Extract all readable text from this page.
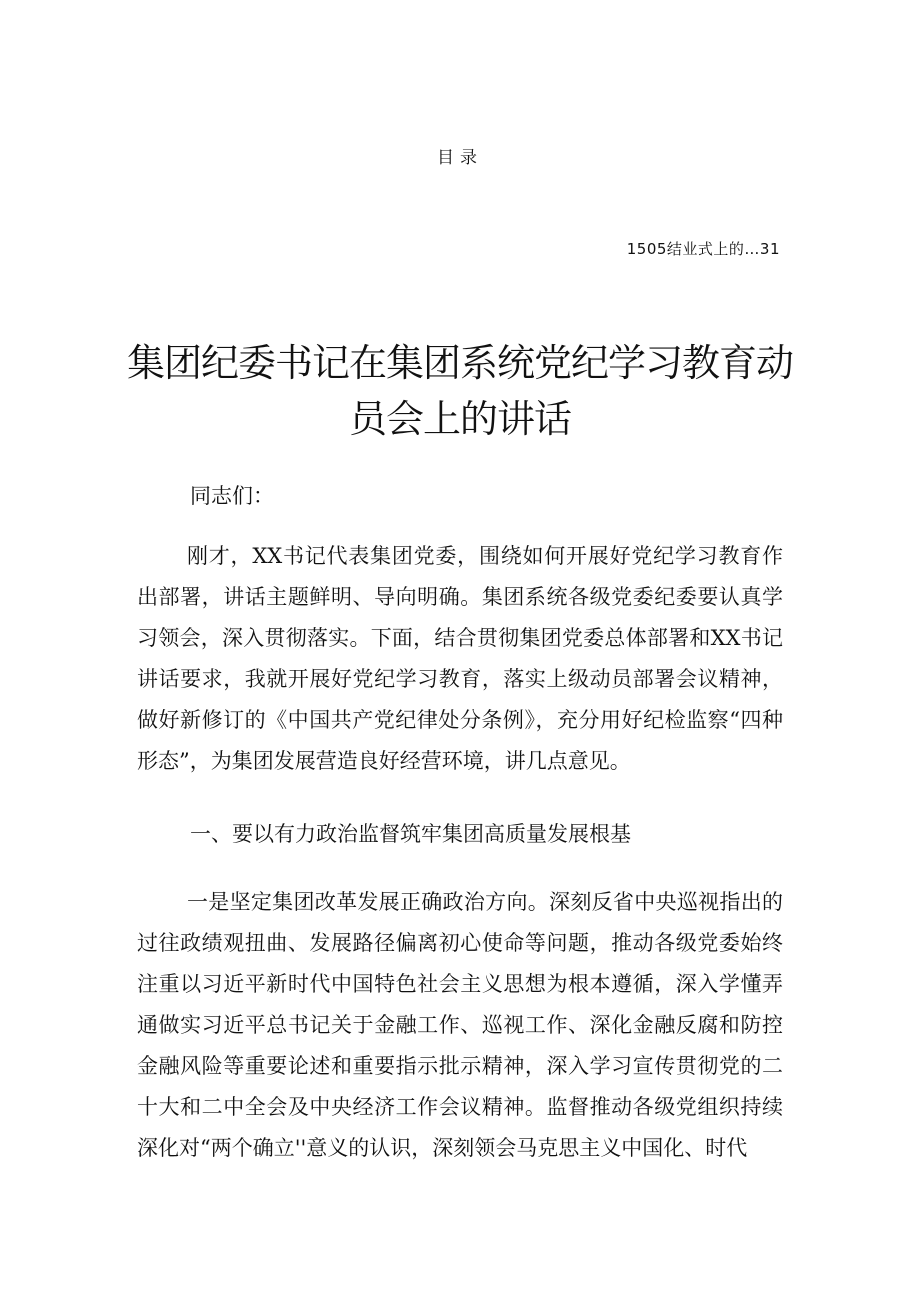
目录
1505结业式上的…31
集团纪委书记在集团系统党纪学习教育动员会上的讲话
同志们：

刚才，XX书记代表集团党委，围绕如何开展好党纪学习教育作出部署，讲话主题鲜明、导向明确。集团系统各级党委纪委要认真学习领会，深入贯彻落实。下面，结合贯彻集团党委总体部署和XX书记讲话要求，我就开展好党纪学习教育，落实上级动员部署会议精神，做好新修订的《中国共产党纪律处分条例》，充分用好纪检监察“四种形态”，为集团发展营造良好经营环境，讲几点意见。

一、要以有力政治监督筑牢集团高质量发展根基

一是坚定集团改革发展正确政治方向。深刻反省中央巡视指出的过往政绩观扭曲、发展路径偏离初心使命等问题，推动各级党委始终注重以习近平新时代中国特色社会主义思想为根本遵循，深入学懂弄通做实习近平总书记关于金融工作、巡视工作、深化金融反腐和防控金融风险等重要论述和重要指示批示精神，深入学习宣传贯彻党的二十大和二中全会及中央经济工作会议精神。监督推动各级党组织持续深化对“两个确立''意义的认识，深刻领会马克思主义中国化、时代
